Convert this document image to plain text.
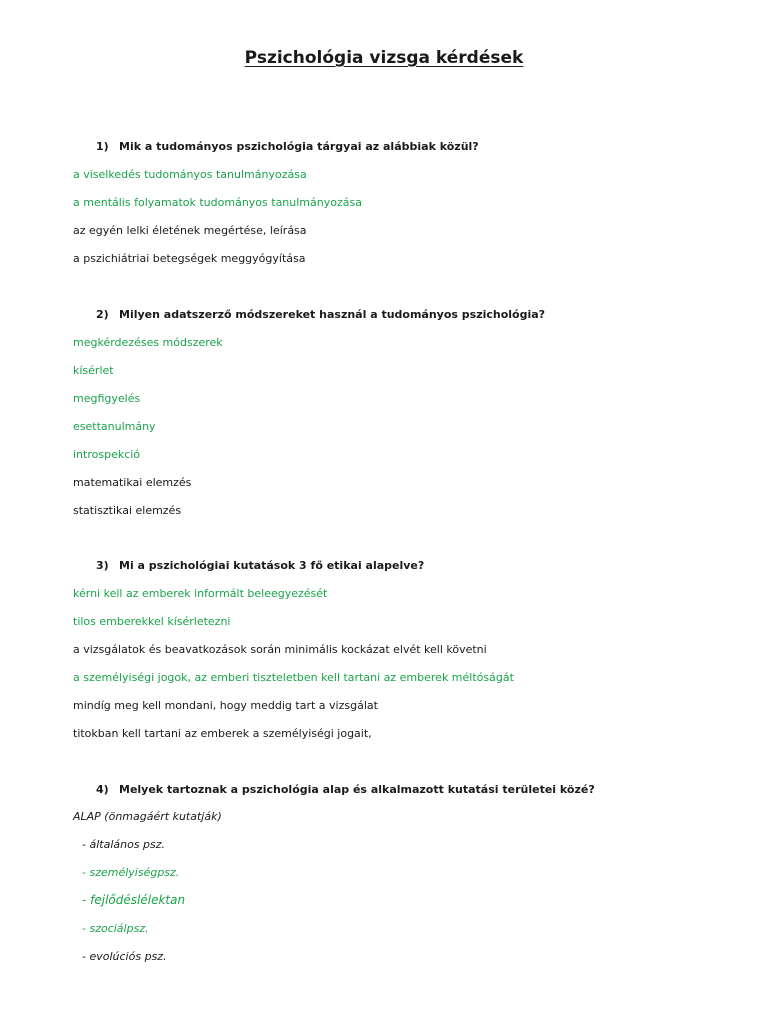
Pszichológia vizsga kérdések

1) Mik a tudományos pszichológia tárgyai az alábbiak közül?

a viselkedés tudományos tanulmányozása

a mentális folyamatok tudományos tanulmányozása

az egyén lelki életének megértése, leírása

a pszichiátriai betegségek meggyógyítása

2) Milyen adatszerző módszereket használ a tudományos pszichológia?

megkérdezéses módszerek

kísérlet

megfigyelés

esettanulmány

introspekció

matematikai elemzés

statisztikai elemzés

3) Mi a pszichológiai kutatások 3 fő etikai alapelve?

kérni kell az emberek informált beleegyezését

tilos emberekkel kísérletezni

a vizsgálatok és beavatkozások során minimális kockázat elvét kell követni

a személyiségi jogok, az emberi tiszteletben kell tartani az emberek méltóságát

mindíg meg kell mondani, hogy meddig tart a vizsgálat

titokban kell tartani az emberek a személyiségi jogait,

4) Melyek tartoznak a pszichológia alap és alkalmazott kutatási területei közé?

ALAP (önmagáért kutatják)

- általános psz.

- személyiségpsz.

- fejlődéslélektan

- szociálpsz.

- evolúciós psz.
